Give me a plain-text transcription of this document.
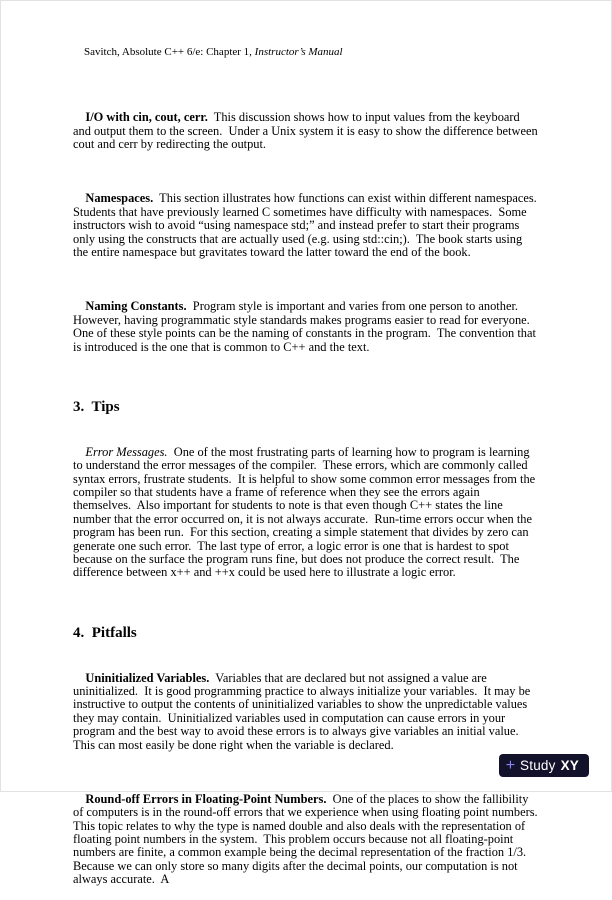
Savitch, Absolute C++ 6/e: Chapter 1, Instructor’s Manual

I/O with cin, cout, cerr.  This discussion shows how to input values from the keyboard and output them to the screen.  Under a Unix system it is easy to show the difference between cout and cerr by redirecting the output.

Namespaces.  This section illustrates how functions can exist within different namespaces.  Students that have previously learned C sometimes have difficulty with namespaces.  Some instructors wish to avoid “using namespace std;” and instead prefer to start their programs only using the constructs that are actually used (e.g. using std::cin;).  The book starts using the entire namespace but gravitates toward the latter toward the end of the book.

Naming Constants.  Program style is important and varies from one person to another.  However, having programmatic style standards makes programs easier to read for everyone.  One of these style points can be the naming of constants in the program.  The convention that is introduced is the one that is common to C++ and the text.

3.  Tips

Error Messages.  One of the most frustrating parts of learning how to program is learning to understand the error messages of the compiler.  These errors, which are commonly called syntax errors, frustrate students.  It is helpful to show some common error messages from the compiler so that students have a frame of reference when they see the errors again themselves.  Also important for students to note is that even though C++ states the line number that the error occurred on, it is not always accurate.  Run-time errors occur when the program has been run.  For this section, creating a simple statement that divides by zero can generate one such error.  The last type of error, a logic error is one that is hardest to spot because on the surface the program runs fine, but does not produce the correct result.  The difference between x++ and ++x could be used here to illustrate a logic error.

4.  Pitfalls

Uninitialized Variables.  Variables that are declared but not assigned a value are uninitialized.  It is good programming practice to always initialize your variables.  It may be instructive to output the contents of uninitialized variables to show the unpredictable values they may contain.  Uninitialized variables used in computation can cause errors in your program and the best way to avoid these errors is to always give variables an initial value.  This can most easily be done right when the variable is declared.

Round-off Errors in Floating-Point Numbers.  One of the places to show the fallibility of computers is in the round-off errors that we experience when using floating point numbers.  This topic relates to why the type is named double and also deals with the representation of floating point numbers in the system.  This problem occurs because not all floating-point numbers are finite, a common example being the decimal representation of the fraction 1/3.  Because we can only store so many digits after the decimal points, our computation is not always accurate.  A

+ Study XY
